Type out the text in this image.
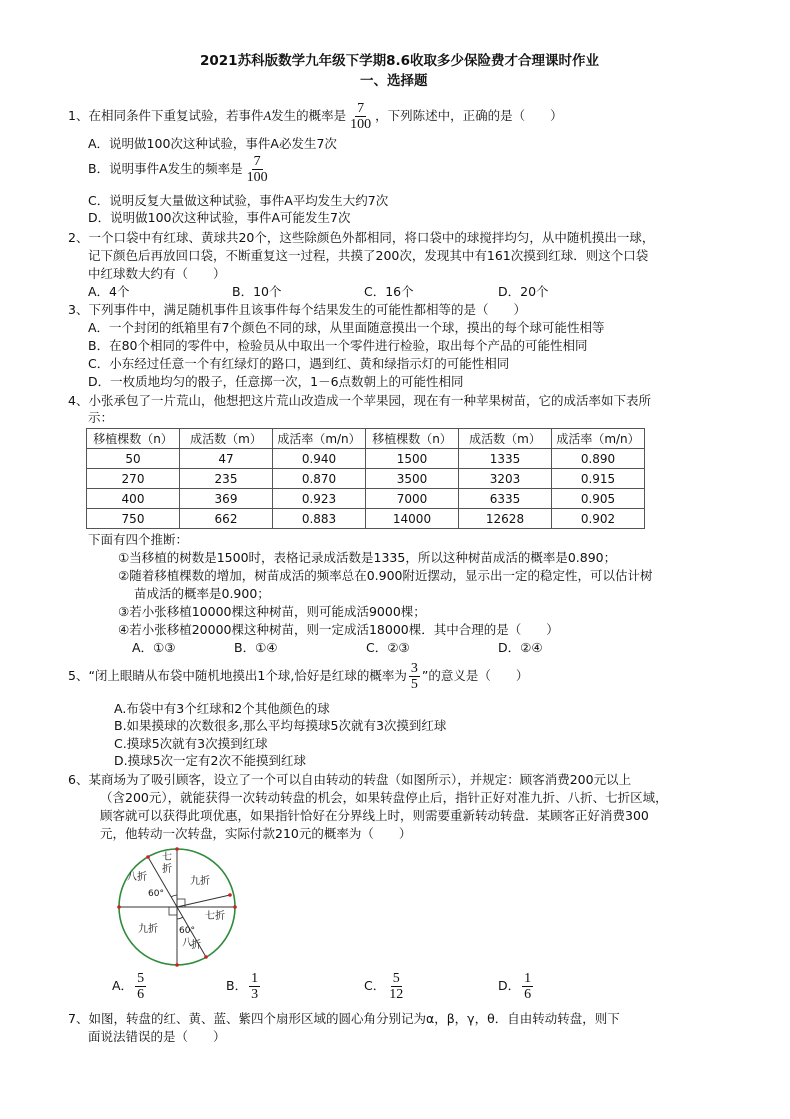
2021苏科版数学九年级下学期8.6收取多少保险费才合理课时作业
一、选择题
1、在相同条件下重复试验，若事件A发生的概率是 $\frac{7}{100}$ ，下列陈述中，正确的是（　　）
A．说明做100次这种试验，事件A必发生7次
B．说明事件A发生的频率是 $\frac{7}{100}$
C．说明反复大量做这种试验，事件A平均发生大约7次
D．说明做100次这种试验，事件A可能发生7次
2、一个口袋中有红球、黄球共20个，这些除颜色外都相同，将口袋中的球搅拌均匀，从中随机摸出一球，
记下颜色后再放回口袋，不断重复这一过程，共摸了200次，发现其中有161次摸到红球．则这个口袋
中红球数大约有（　　）
A．4个	B．10个	C．16个	D．20个
3、下列事件中，满足随机事件且该事件每个结果发生的可能性都相等的是（　　）
A．一个封闭的纸箱里有7个颜色不同的球，从里面随意摸出一个球，摸出的每个球可能性相等
B．在80个相同的零件中，检验员从中取出一个零件进行检验，取出每个产品的可能性相同
C．小东经过任意一个有红绿灯的路口，遇到红、黄和绿指示灯的可能性相同
D．一枚质地均匀的骰子，任意掷一次，1－6点数朝上的可能性相同
4、小张承包了一片荒山，他想把这片荒山改造成一个苹果园，现在有一种苹果树苗，它的成活率如下表所
示：
移植棵数（n）	成活数（m）	成活率（m/n）	移植棵数（n）	成活数（m）	成活率（m/n）
50	47	0.940	1500	1335	0.890
270	235	0.870	3500	3203	0.915
400	369	0.923	7000	6335	0.905
750	662	0.883	14000	12628	0.902
下面有四个推断：
①当移植的树数是1500时，表格记录成活数是1335，所以这种树苗成活的概率是0.890；
②随着移植棵数的增加，树苗成活的频率总在0.900附近摆动，显示出一定的稳定性，可以估计树
苗成活的概率是0.900；
③若小张移植10000棵这种树苗，则可能成活9000棵；
④若小张移植20000棵这种树苗，则一定成活18000棵．其中合理的是（　　）
A．①③	B．①④	C．②③	D．②④
5、“闭上眼睛从布袋中随机地摸出1个球,恰好是红球的概率为 $\frac{3}{5}$ ”的意义是（　　）
A.布袋中有3个红球和2个其他颜色的球
B.如果摸球的次数很多,那么平均每摸球5次就有3次摸到红球
C.摸球5次就有3次摸到红球
D.摸球5次一定有2次不能摸到红球
6、某商场为了吸引顾客，设立了一个可以自由转动的转盘（如图所示），并规定：顾客消费200元以上
（含200元），就能获得一次转动转盘的机会，如果转盘停止后，指针正好对准九折、八折、七折区域，
顾客就可以获得此项优惠，如果指针恰好在分界线上时，则需要重新转动转盘．某顾客正好消费300
元，他转动一次转盘，实际付款210元的概率为（　　）
七
折
八折
60°
九折
九折
七折
60°
八 折
A． $\frac{5}{6}$	B． $\frac{1}{3}$	C． $\frac{5}{12}$	D． $\frac{1}{6}$
7、如图，转盘的红、黄、蓝、紫四个扇形区域的圆心角分别记为α，β，γ，θ．自由转动转盘，则下
面说法错误的是（　　）
